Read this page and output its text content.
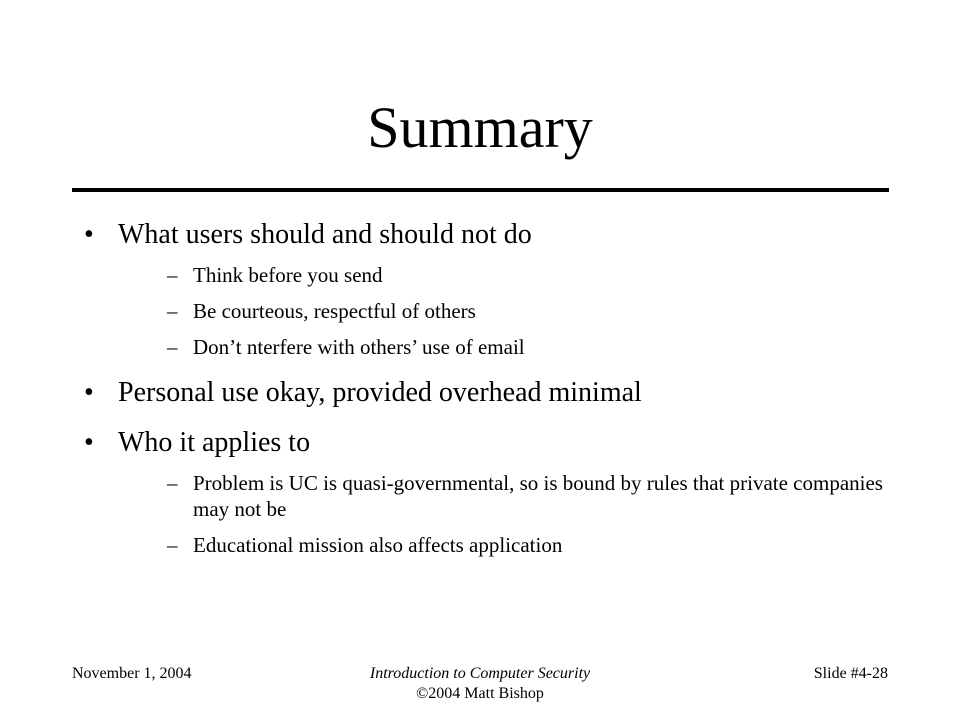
Summary
• What users should and should not do
– Think before you send
– Be courteous, respectful of others
– Don’t nterfere with others’ use of email
• Personal use okay, provided overhead minimal
• Who it applies to
– Problem is UC is quasi-governmental, so is bound by rules that private companies may not be
– Educational mission also affects application
November 1, 2004	Introduction to Computer Security
©2004 Matt Bishop
Slide #4-28
